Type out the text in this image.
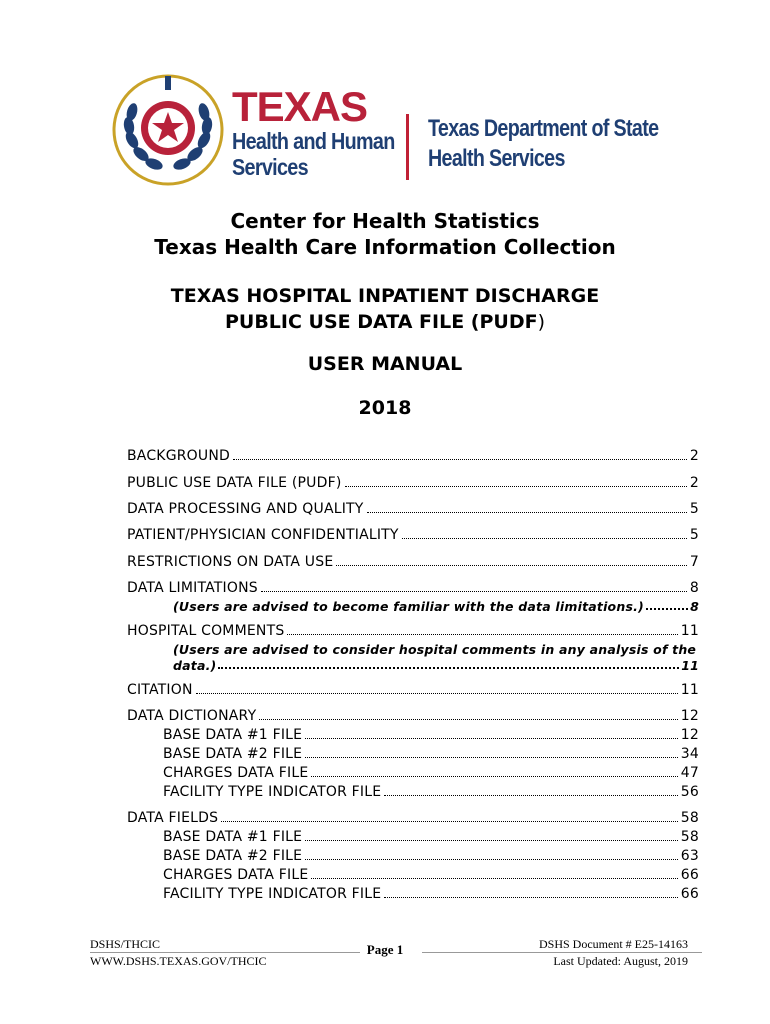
TEXAS
Health and Human
Services
Texas Department of State
Health Services
Center for Health Statistics
Texas Health Care Information Collection
TEXAS HOSPITAL INPATIENT DISCHARGE
PUBLIC USE DATA FILE (PUDF)
USER MANUAL
2018
BACKGROUND	2
PUBLIC USE DATA FILE (PUDF)	2
DATA PROCESSING AND QUALITY	5
PATIENT/PHYSICIAN CONFIDENTIALITY	5
RESTRICTIONS ON DATA USE	7
DATA LIMITATIONS	8
(Users are advised to become familiar with the data limitations.)	8
HOSPITAL COMMENTS	11
(Users are advised to consider hospital comments in any analysis of the
data.)	11
CITATION	11
DATA DICTIONARY	12
BASE DATA #1 FILE	12
BASE DATA #2 FILE	34
CHARGES DATA FILE	47
FACILITY TYPE INDICATOR FILE	56
DATA FIELDS	58
BASE DATA #1 FILE	58
BASE DATA #2 FILE	63
CHARGES DATA FILE	66
FACILITY TYPE INDICATOR FILE	66
DSHS/THCIC
WWW.DSHS.TEXAS.GOV/THCIC
Page 1	DSHS Document # E25-14163
Last Updated: August, 2019
